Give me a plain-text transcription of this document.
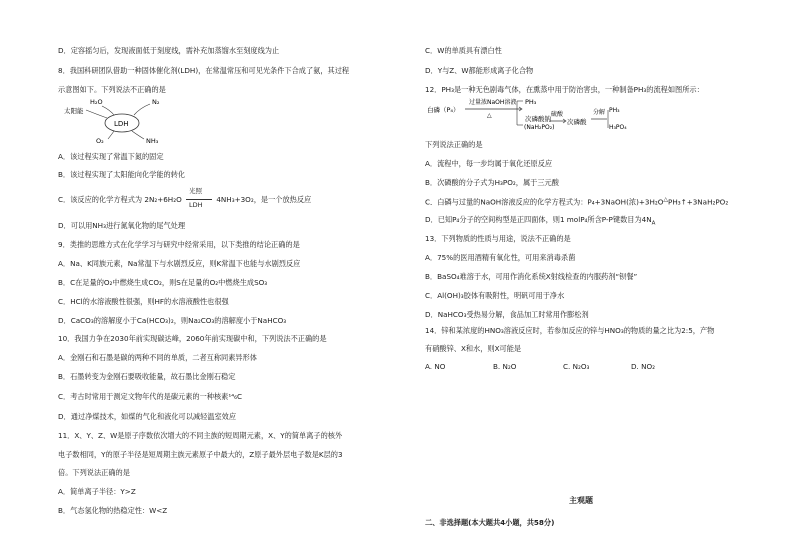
D．定容摇匀后，发现液面低于刻度线，需补充加蒸馏水至刻度线为止
8．我国科研团队借助一种固体催化剂(LDH)，在常温常压和可见光条件下合成了氨，其过程
示意图如下。下列说法不正确的是
LDH
太阳能
H₂O	N₂
O₂	NH₃
A．该过程实现了常温下氮的固定
B．该过程实现了太阳能向化学能的转化
C．该反应的化学方程式为 2N₂+6H₂O
光照
LDH
4NH₃+3O₂，是一个放热反应
D．可以用NH₃进行氮氧化物的尾气处理
9．类推的思维方式在化学学习与研究中经常采用，以下类推的结论正确的是
A．Na、K同族元素，Na常温下与水剧烈反应，则K常温下也能与水剧烈反应
B．C在足量的O₂中燃烧生成CO₂，则S在足量的O₂中燃烧生成SO₃
C．HCl的水溶液酸性很强，则HF的水溶液酸性也很强
D．CaCO₃的溶解度小于Ca(HCO₃)₂，则Na₂CO₃的溶解度小于NaHCO₃
10．我国力争在2030年前实现碳达峰，2060年前实现碳中和，下列说法不正确的是
A．金刚石和石墨是碳的两种不同的单质，二者互称同素异形体
B．石墨转变为金刚石要吸收能量，故石墨比金刚石稳定
C．考古时常用于测定文物年代的是碳元素的一种核素¹⁴₆C
D．通过净煤技术，如煤的气化和液化可以减轻温室效应
11．X、Y、Z、W是原子序数依次增大的不同主族的短周期元素，X、Y的简单离子的核外
电子数相同，Y的原子半径是短周期主族元素原子中最大的，Z原子最外层电子数是K层的3
倍。下列说法正确的是
A．简单离子半径：Y>Z
B．气态氢化物的热稳定性：W<Z
C．W的单质具有漂白性
D．Y与Z、W都能形成离子化合物
12．PH₃是一种无色剧毒气体，在熏蒸中用于防治害虫，一种制备PH₃的流程如图所示：
白磷（P₄）
过量浓NaOH溶液
△
PH₃
次磷酸钠
(NaH₂PO₂)
硫酸
次磷酸
分解 PH₃
H₃PO₄
下列说法正确的是
A．流程中，每一步均属于氧化还原反应
B．次磷酸的分子式为H₃PO₂，属于三元酸
C．白磷与过量的NaOH溶液反应的化学方程式为：P₄+3NaOH(浓)+3H₂O△PH₃↑+3NaH₂PO₂
D．已知P₄分子的空间构型是正四面体，则1 molP₄所含P-P键数目为$4N_A$
13．下列物质的性质与用途，说法不正确的是
A．75%的医用酒精有氧化性，可用来消毒杀菌
B．BaSO₄难溶于水，可用作消化系统X射线检查的内服药剂“钡餐”
C．Al(OH)₃胶体有吸附性，明矾可用于净水
D．NaHCO₃受热易分解，食品加工时常用作膨松剂
14．锌和某浓度的HNO₃溶液反应时，若参加反应的锌与HNO₃的物质的量之比为2:5，产物
有硝酸锌、X和水，则X可能是
A. NO	B. N₂O	C. N₂O₃	D. NO₂
主观题
二、非选择题(本大题共4小题，共58分)
